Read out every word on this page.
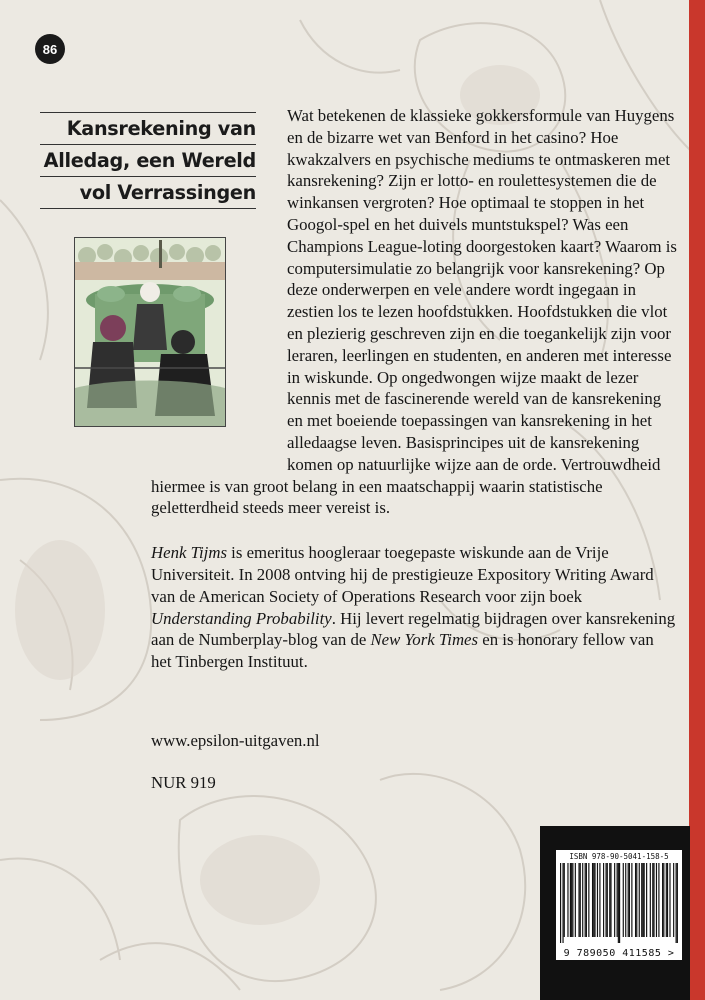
86
Kansrekening van
Alledag, een Wereld
vol Verrassingen

Wat betekenen de klassieke gokkersformule van Huygens en de bizarre wet van Benford in het casino? Hoe kwakzalvers en psychische mediums te ontmaskeren met kansrekening? Zijn er lotto- en roulettesystemen die de winkansen vergroten? Hoe optimaal te stoppen in het Googol-spel en het duivels muntstukspel? Was een Champions League-loting doorgestoken kaart? Waarom is computersimulatie zo belangrijk voor kansrekening? Op deze onderwerpen en vele andere wordt ingegaan in zestien los te lezen hoofdstukken. Hoofdstukken die vlot en plezierig geschreven zijn en die toegankelijk zijn voor leraren, leerlingen en studenten, en anderen met interesse in wiskunde. Op ongedwongen wijze maakt de lezer kennis met de fascinerende wereld van de kansrekening en met boeiende toepassingen van kansrekening in het alledaagse leven. Basisprincipes uit de kansrekening komen op natuurlijke wijze aan de orde. Vertrouwdheid hiermee is van groot belang in een maatschappij waarin statistische geletterdheid steeds meer vereist is.

Henk Tijms is emeritus hoogleraar toegepaste wiskunde aan de Vrije Universiteit. In 2008 ontving hij de prestigieuze Expository Writing Award van de American Society of Operations Research voor zijn boek Understanding Probability. Hij levert regelmatig bijdragen over kansrekening aan de Numberplay-blog van de New York Times en is honorary fellow van het Tinbergen Instituut.

www.epsilon-uitgaven.nl
NUR 919
ISBN 978-90-5041-158-5
9 789050 411585 >
